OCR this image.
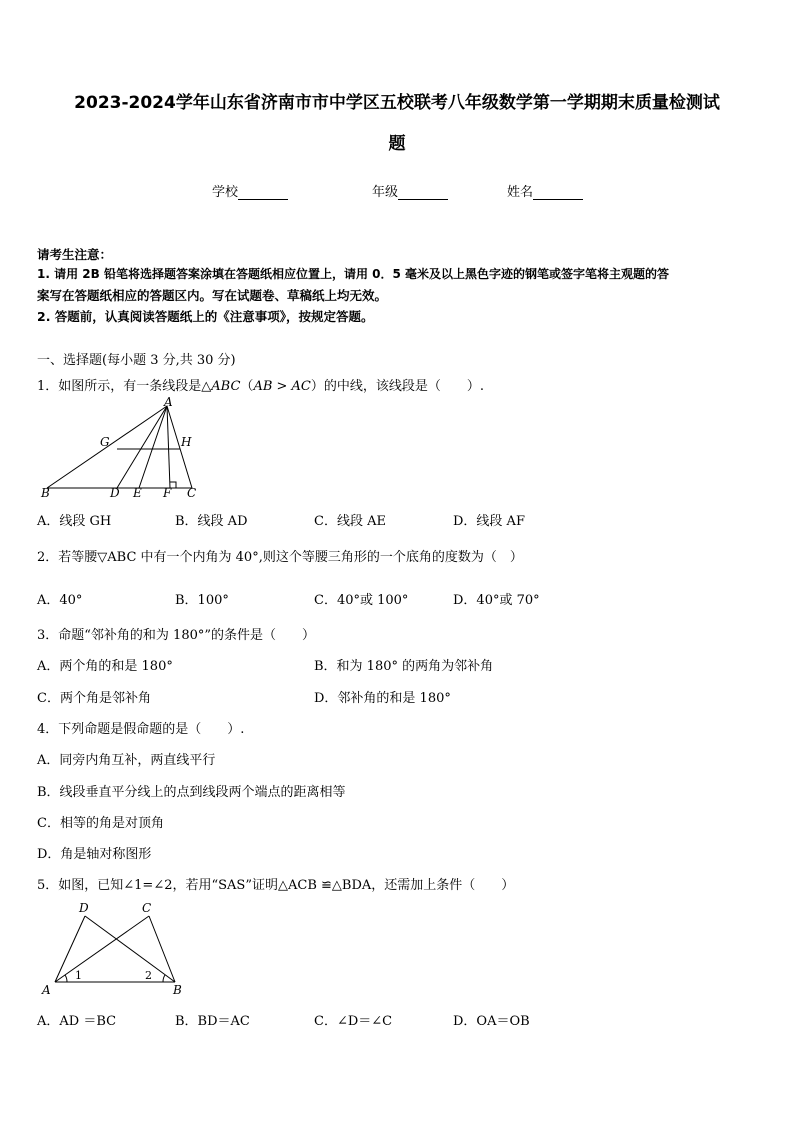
2023-2024学年山东省济南市市中学区五校联考八年级数学第一学期期末质量检测试
题
学校	年级	姓名
请考生注意：
1. 请用 2B 铅笔将选择题答案涂填在答题纸相应位置上，请用 0．5 毫米及以上黑色字迹的钢笔或签字笔将主观题的答
案写在答题纸相应的答题区内。写在试题卷、草稿纸上均无效。
2. 答题前，认真阅读答题纸上的《注意事项》，按规定答题。
一、选择题(每小题 3 分,共 30 分)
1．如图所示，有一条线段是△ABC（AB > AC）的中线，该线段是（　　）.
A
B	C
D E F
G	H
A．线段 GH	B．线段 AD	C．线段 AE	D．线段 AF
2．若等腰▽ABC 中有一个内角为 40°,则这个等腰三角形的一个底角的度数为（　）
A．40°	B．100°	C．40°或 100°	D．40°或 70°
3．命题“邻补角的和为 180°”的条件是（　　）
A．两个角的和是 180°	B．和为 180° 的两角为邻补角
C．两个角是邻补角	D．邻补角的和是 180°
4．下列命题是假命题的是（　　）.
A．同旁内角互补，两直线平行
B．线段垂直平分线上的点到线段两个端点的距离相等
C．相等的角是对顶角
D．角是轴对称图形
5．如图，已知∠1=∠2，若用“SAS”证明△ACB ≌△BDA，还需加上条件（　　）
D	C
A	B
1	2
A．AD ＝BC	B．BD＝AC	C．∠D＝∠C	D．OA＝OB
